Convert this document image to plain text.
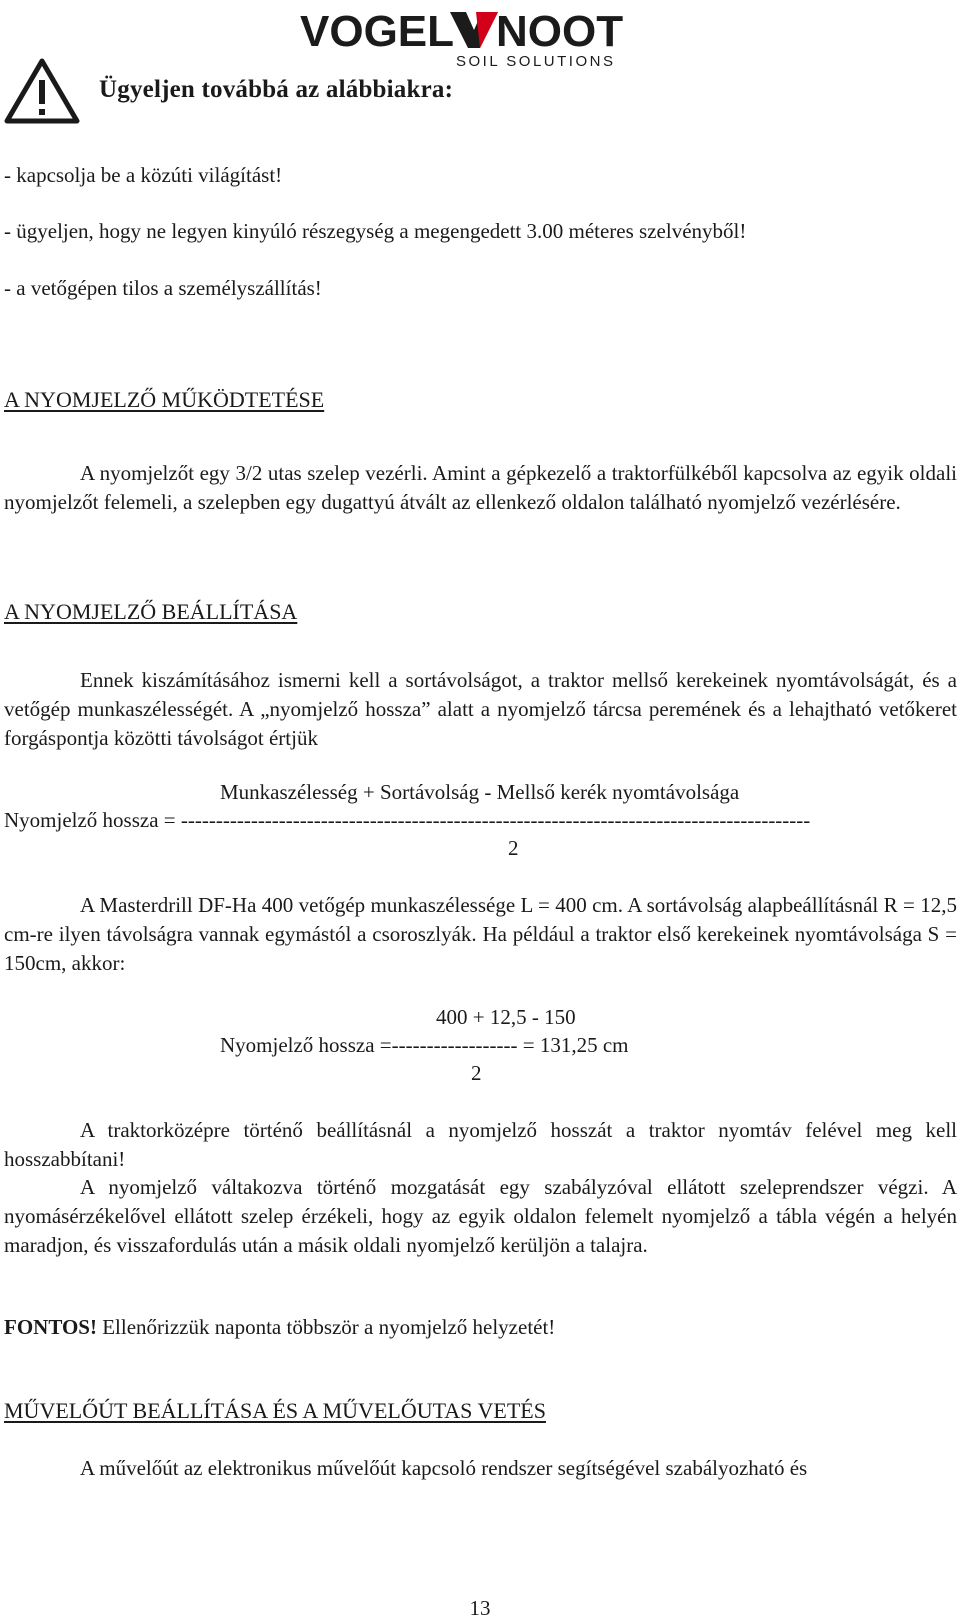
VOGEL NOOT
SOIL SOLUTIONS
Ügyeljen továbbá az alábbiakra:
- kapcsolja be a közúti világítást!
- ügyeljen, hogy ne legyen kinyúló részegység a megengedett 3.00 méteres szelvényből!
- a vetőgépen tilos a személyszállítás!
A NYOMJELZŐ MŰKÖDTETÉSE

A nyomjelzőt egy 3/2 utas szelep vezérli. Amint a gépkezelő a traktorfülkéből kapcsolva az egyik oldali nyomjelzőt felemeli, a szelepben egy dugattyú átvált az ellenkező oldalon található nyomjelző vezérlésére.

A NYOMJELZŐ BEÁLLÍTÁSA

Ennek kiszámításához ismerni kell a sortávolságot, a traktor mellső kerekeinek nyomtávolságát, és a vetőgép munkaszélességét. A „nyomjelző hossza” alatt a nyomjelző tárcsa peremének és a lehajtható vetőkeret forgáspontja közötti távolságot értjük

Munkaszélesség + Sortávolság - Mellső kerék nyomtávolsága
Nyomjelző hossza = ------------------------------------------------------------------------------------------
2

A Masterdrill DF-Ha 400 vetőgép munkaszélessége L = 400 cm. A sortávolság alapbeállításnál R = 12,5 cm-re ilyen távolságra vannak egymástól a csoroszlyák. Ha például a traktor első kerekeinek nyomtávolsága S = 150cm, akkor:

400 + 12,5 - 150
Nyomjelző hossza =------------------ = 131,25 cm
2

A traktorközépre történő beállításnál a nyomjelző hosszát a traktor nyomtáv felével meg kell hosszabbítani!

A nyomjelző váltakozva történő mozgatását egy szabályzóval ellátott szeleprendszer végzi. A nyomásérzékelővel ellátott szelep érzékeli, hogy az egyik oldalon felemelt nyomjelző a tábla végén a helyén maradjon, és visszafordulás után a másik oldali nyomjelző kerüljön a talajra.

FONTOS! Ellenőrizzük naponta többször a nyomjelző helyzetét!
MŰVELŐÚT BEÁLLÍTÁSA ÉS A MŰVELŐUTAS VETÉS

A művelőút az elektronikus művelőút kapcsoló rendszer segítségével szabályozható és

13
